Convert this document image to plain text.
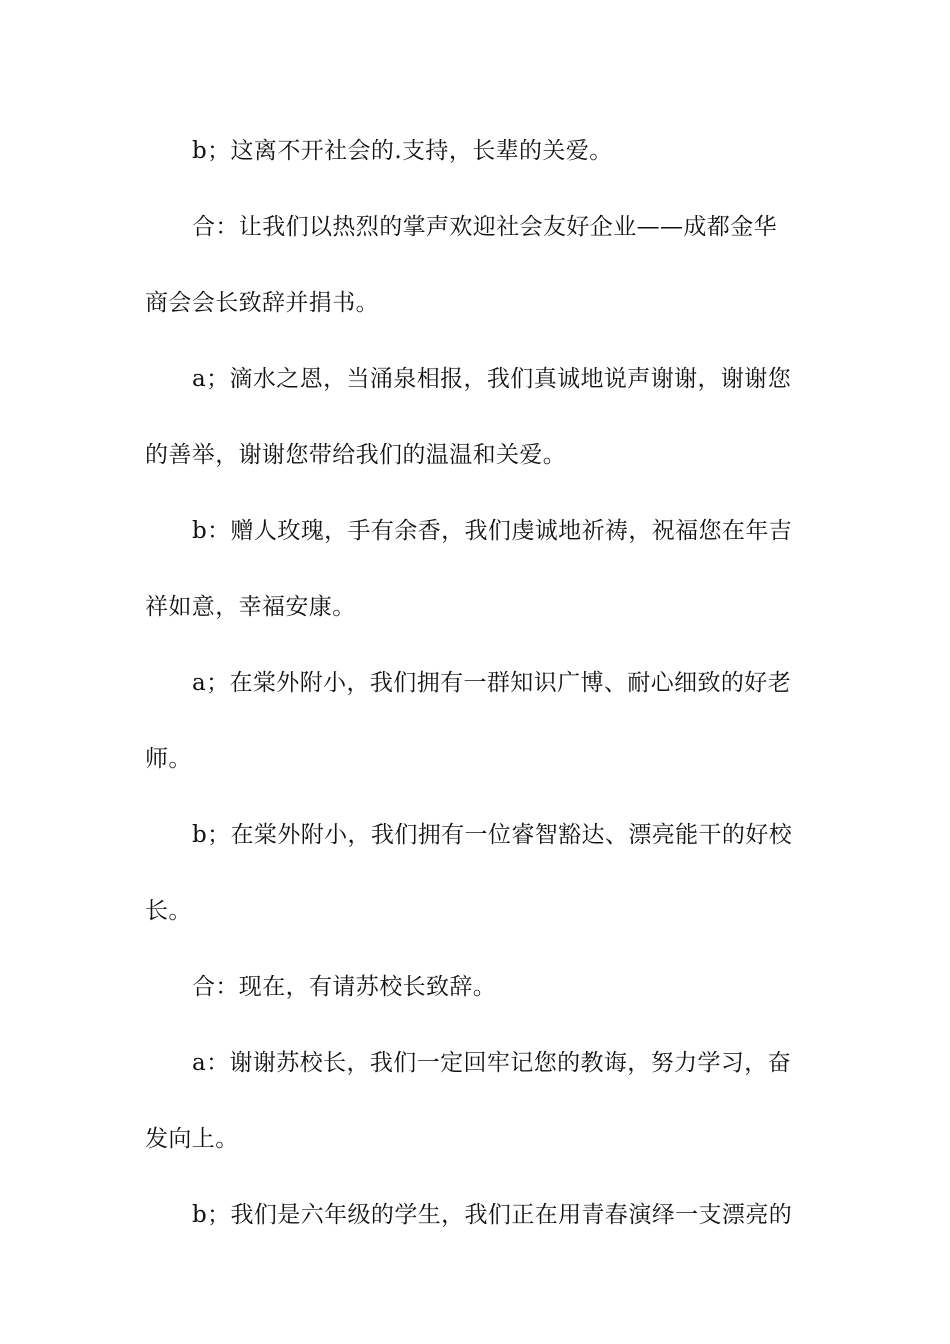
b；这离不开社会的.支持，长辈的关爱。
合：让我们以热烈的掌声欢迎社会友好企业——成都金华
商会会长致辞并捐书。
a；滴水之恩，当涌泉相报，我们真诚地说声谢谢，谢谢您
的善举，谢谢您带给我们的温温和关爱。
b：赠人玫瑰，手有余香，我们虔诚地祈祷，祝福您在年吉
祥如意，幸福安康。
a；在棠外附小，我们拥有一群知识广博、耐心细致的好老
师。
b；在棠外附小，我们拥有一位睿智豁达、漂亮能干的好校
长。
合：现在，有请苏校长致辞。
a：谢谢苏校长，我们一定回牢记您的教诲，努力学习，奋
发向上。
b；我们是六年级的学生，我们正在用青春演绎一支漂亮的
